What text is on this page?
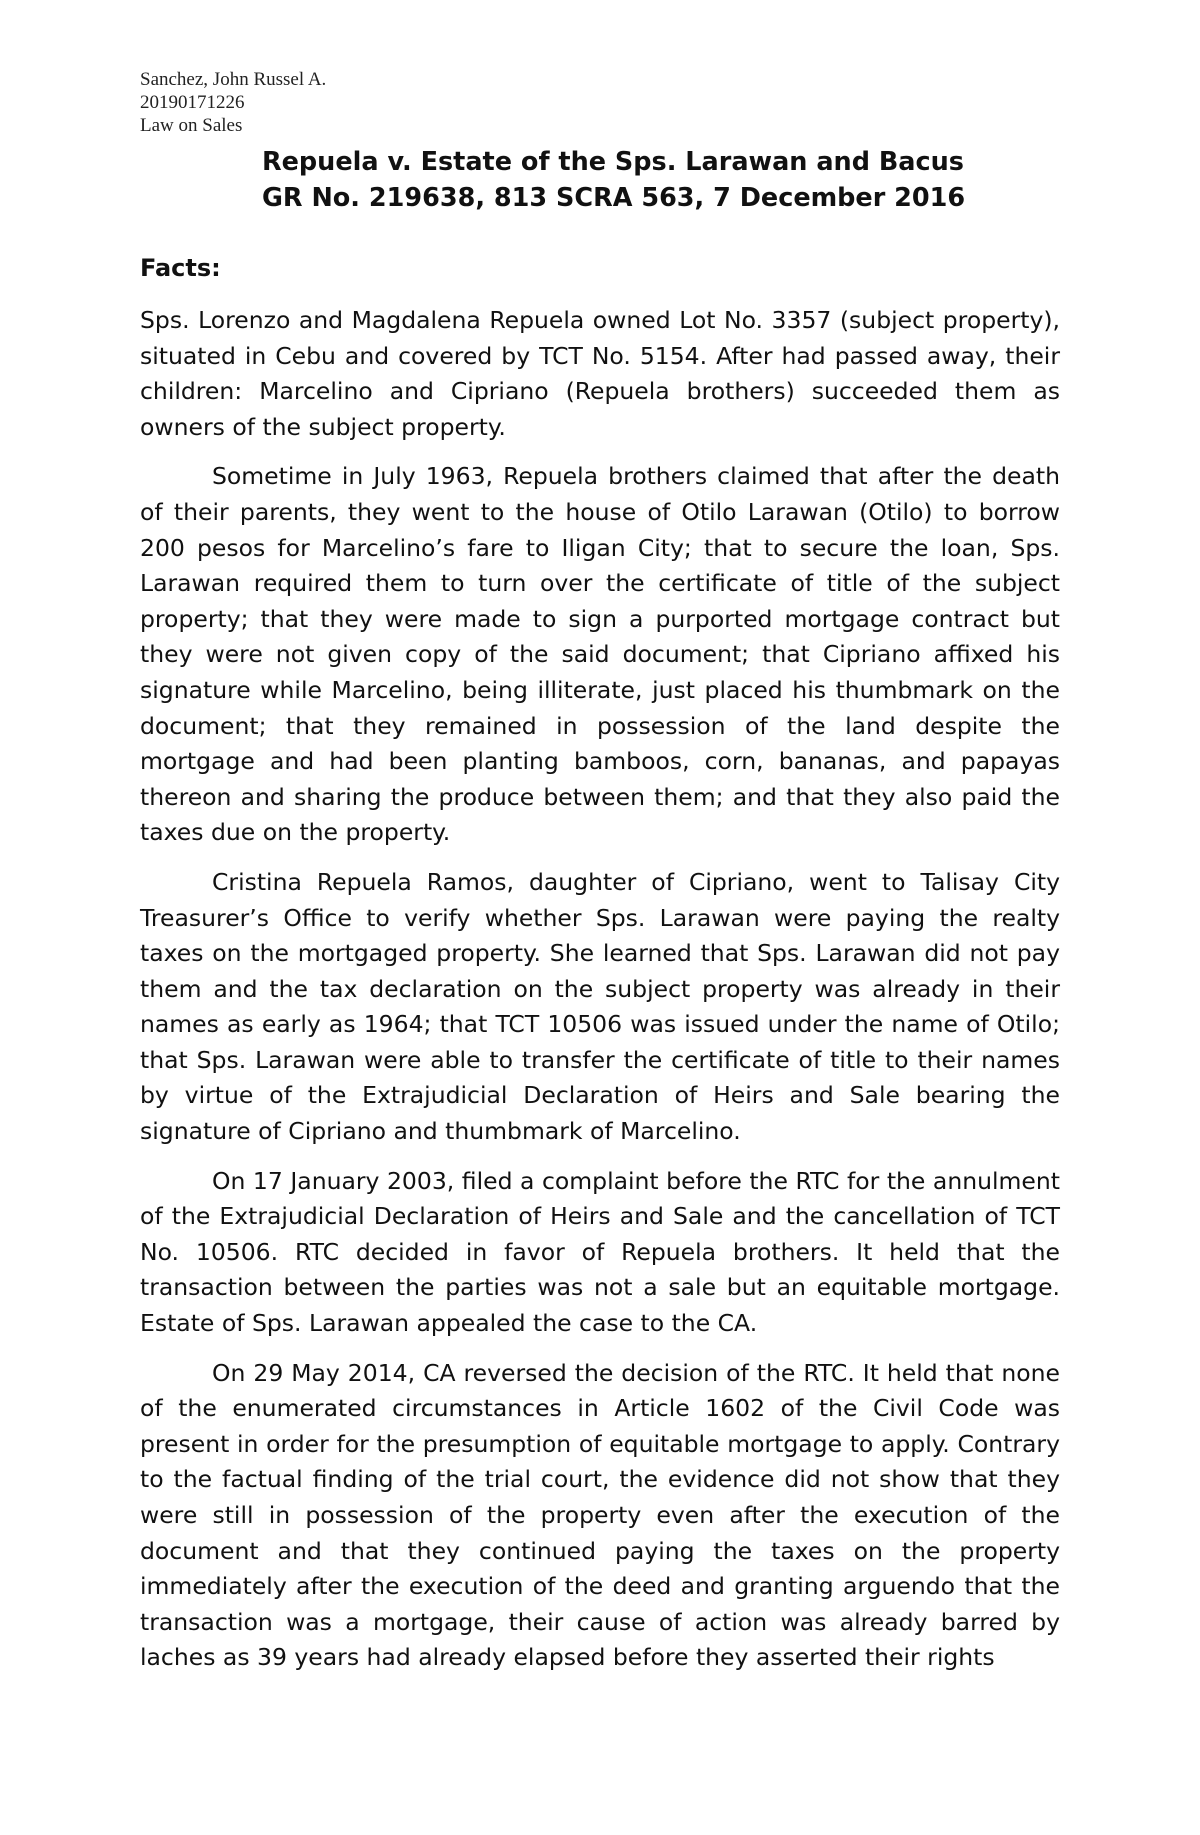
Sanchez, John Russel A.
20190171226
Law on Sales
Repuela v. Estate of the Sps. Larawan and Bacus
GR No. 219638, 813 SCRA 563, 7 December 2016
Facts:

Sps. Lorenzo and Magdalena Repuela owned Lot No. 3357 (subject property), situated in Cebu and covered by TCT No. 5154. After had passed away, their children: Marcelino and Cipriano (Repuela brothers) succeeded them as owners of the subject property.

Sometime in July 1963, Repuela brothers claimed that after the death of their parents, they went to the house of Otilo Larawan (Otilo) to borrow 200 pesos for Marcelino’s fare to Iligan City; that to secure the loan, Sps. Larawan required them to turn over the certificate of title of the subject property; that they were made to sign a purported mortgage contract but they were not given copy of the said document; that Cipriano affixed his signature while Marcelino, being illiterate, just placed his thumbmark on the document; that they remained in possession of the land despite the mortgage and had been planting bamboos, corn, bananas, and papayas thereon and sharing the produce between them; and that they also paid the taxes due on the property.

Cristina Repuela Ramos, daughter of Cipriano, went to Talisay City Treasurer’s Office to verify whether Sps. Larawan were paying the realty taxes on the mortgaged property. She learned that Sps. Larawan did not pay them and the tax declaration on the subject property was already in their names as early as 1964; that TCT 10506 was issued under the name of Otilo; that Sps. Larawan were able to transfer the certificate of title to their names by virtue of the Extrajudicial Declaration of Heirs and Sale bearing the signature of Cipriano and thumbmark of Marcelino.

On 17 January 2003, filed a complaint before the RTC for the annulment of the Extrajudicial Declaration of Heirs and Sale and the cancellation of TCT No. 10506. RTC decided in favor of Repuela brothers. It held that the transaction between the parties was not a sale but an equitable mortgage. Estate of Sps. Larawan appealed the case to the CA.

On 29 May 2014, CA reversed the decision of the RTC. It held that none of the enumerated circumstances in Article 1602 of the Civil Code was present in order for the presumption of equitable mortgage to apply. Contrary to the factual finding of the trial court, the evidence did not show that they were still in possession of the property even after the execution of the document and that they continued paying the taxes on the property immediately after the execution of the deed and granting arguendo that the transaction was a mortgage, their cause of action was already barred by laches as 39 years had already elapsed before they asserted their rights
